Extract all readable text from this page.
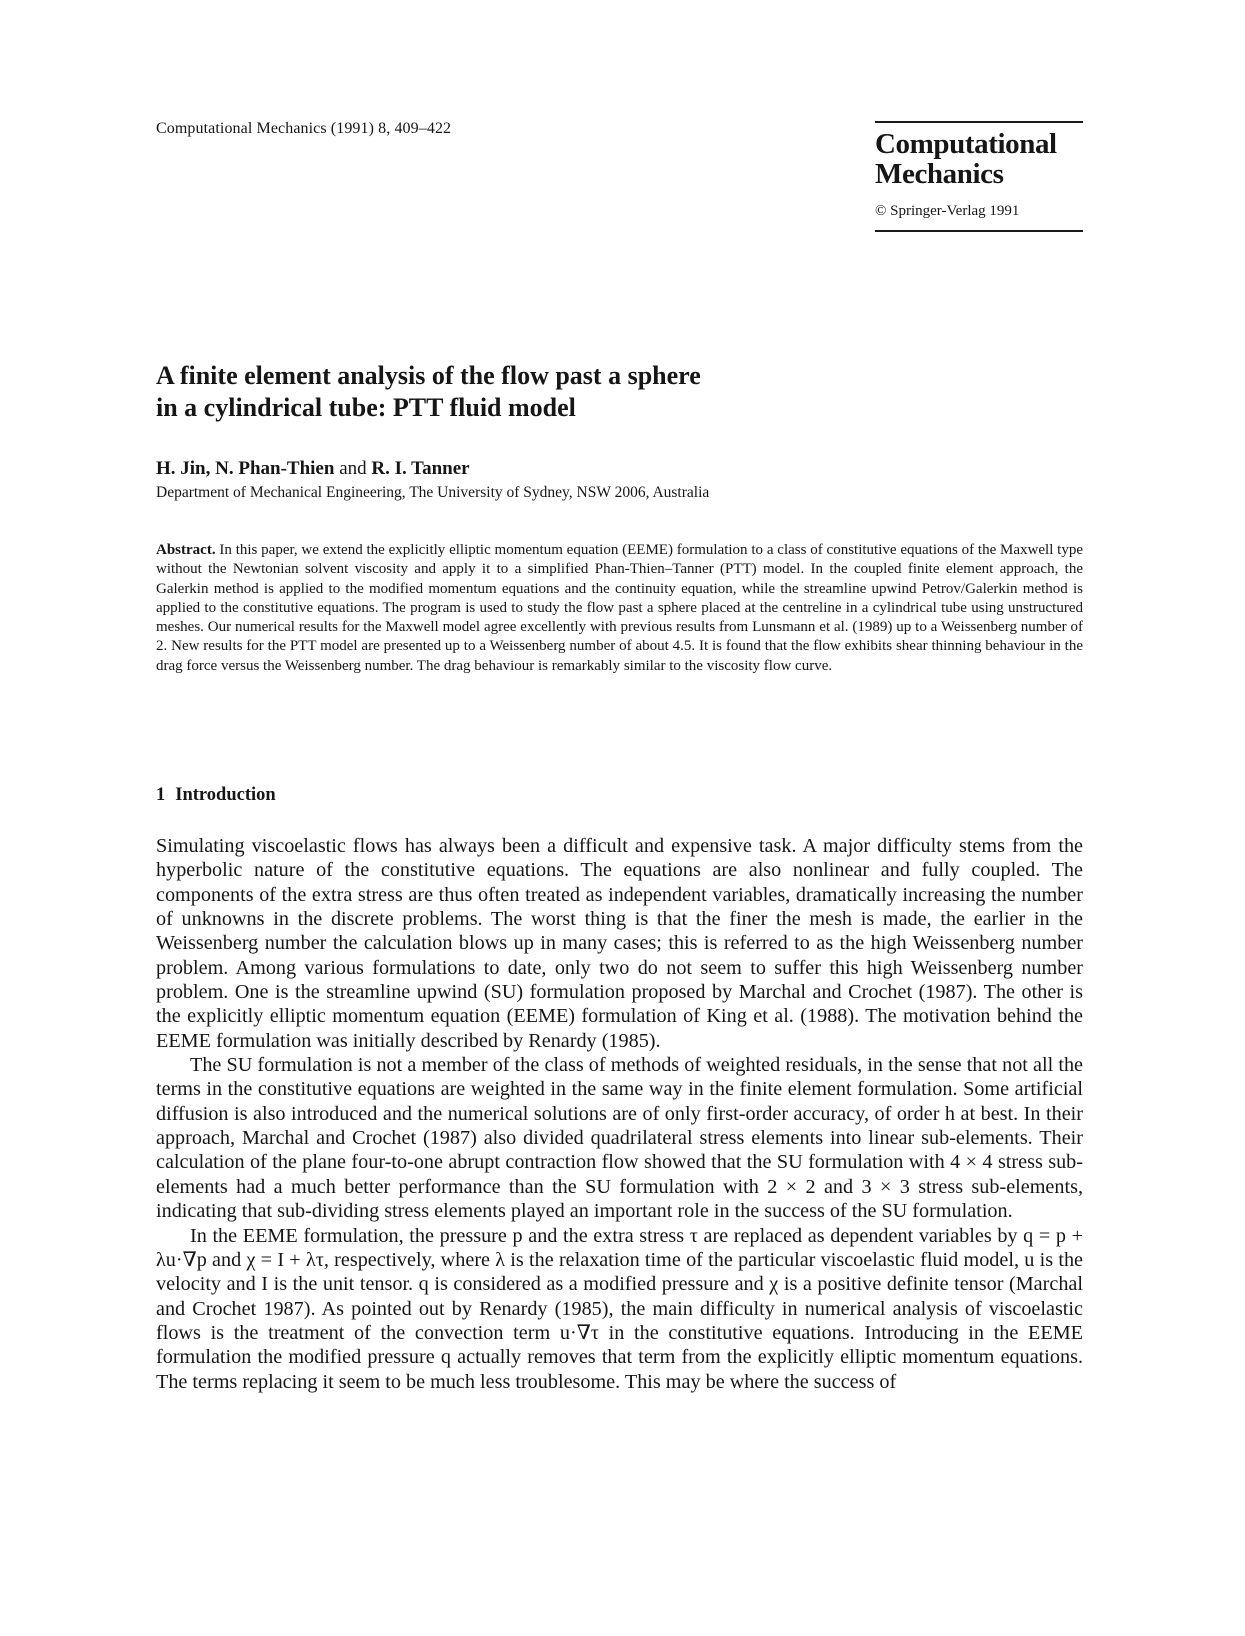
Computational Mechanics (1991) 8, 409–422	Computational
Mechanics
© Springer-Verlag 1991
A finite element analysis of the flow past a sphere
in a cylindrical tube: PTT fluid model
H. Jin, N. Phan-Thien and R. I. Tanner
Department of Mechanical Engineering, The University of Sydney, NSW 2006, Australia

Abstract. In this paper, we extend the explicitly elliptic momentum equation (EEME) formulation to a class of constitutive equations of the Maxwell type without the Newtonian solvent viscosity and apply it to a simplified Phan-Thien–Tanner (PTT) model. In the coupled finite element approach, the Galerkin method is applied to the modified momentum equations and the continuity equation, while the streamline upwind Petrov/Galerkin method is applied to the constitutive equations. The program is used to study the flow past a sphere placed at the centreline in a cylindrical tube using unstructured meshes. Our numerical results for the Maxwell model agree excellently with previous results from Lunsmann et al. (1989) up to a Weissenberg number of 2. New results for the PTT model are presented up to a Weissenberg number of about 4.5. It is found that the flow exhibits shear thinning behaviour in the drag force versus the Weissenberg number. The drag behaviour is remarkably similar to the viscosity flow curve.

1 Introduction

Simulating viscoelastic flows has always been a difficult and expensive task. A major difficulty stems from the hyperbolic nature of the constitutive equations. The equations are also nonlinear and fully coupled. The components of the extra stress are thus often treated as independent variables, dramatically increasing the number of unknowns in the discrete problems. The worst thing is that the finer the mesh is made, the earlier in the Weissenberg number the calculation blows up in many cases; this is referred to as the high Weissenberg number problem. Among various formulations to date, only two do not seem to suffer this high Weissenberg number problem. One is the streamline upwind (SU) formulation proposed by Marchal and Crochet (1987). The other is the explicitly elliptic momentum equation (EEME) formulation of King et al. (1988). The motivation behind the EEME formulation was initially described by Renardy (1985).

The SU formulation is not a member of the class of methods of weighted residuals, in the sense that not all the terms in the constitutive equations are weighted in the same way in the finite element formulation. Some artificial diffusion is also introduced and the numerical solutions are of only first-order accuracy, of order h at best. In their approach, Marchal and Crochet (1987) also divided quadrilateral stress elements into linear sub-elements. Their calculation of the plane four-to-one abrupt contraction flow showed that the SU formulation with 4 × 4 stress sub-elements had a much better performance than the SU formulation with 2 × 2 and 3 × 3 stress sub-elements, indicating that sub-dividing stress elements played an important role in the success of the SU formulation.

In the EEME formulation, the pressure p and the extra stress τ are replaced as dependent variables by q = p + λu·∇p and χ = I + λτ, respectively, where λ is the relaxation time of the particular viscoelastic fluid model, u is the velocity and I is the unit tensor. q is considered as a modified pressure and χ is a positive definite tensor (Marchal and Crochet 1987). As pointed out by Renardy (1985), the main difficulty in numerical analysis of viscoelastic flows is the treatment of the convection term u·∇τ in the constitutive equations. Introducing in the EEME formulation the modified pressure q actually removes that term from the explicitly elliptic momentum equations. The terms replacing it seem to be much less troublesome. This may be where the success of
